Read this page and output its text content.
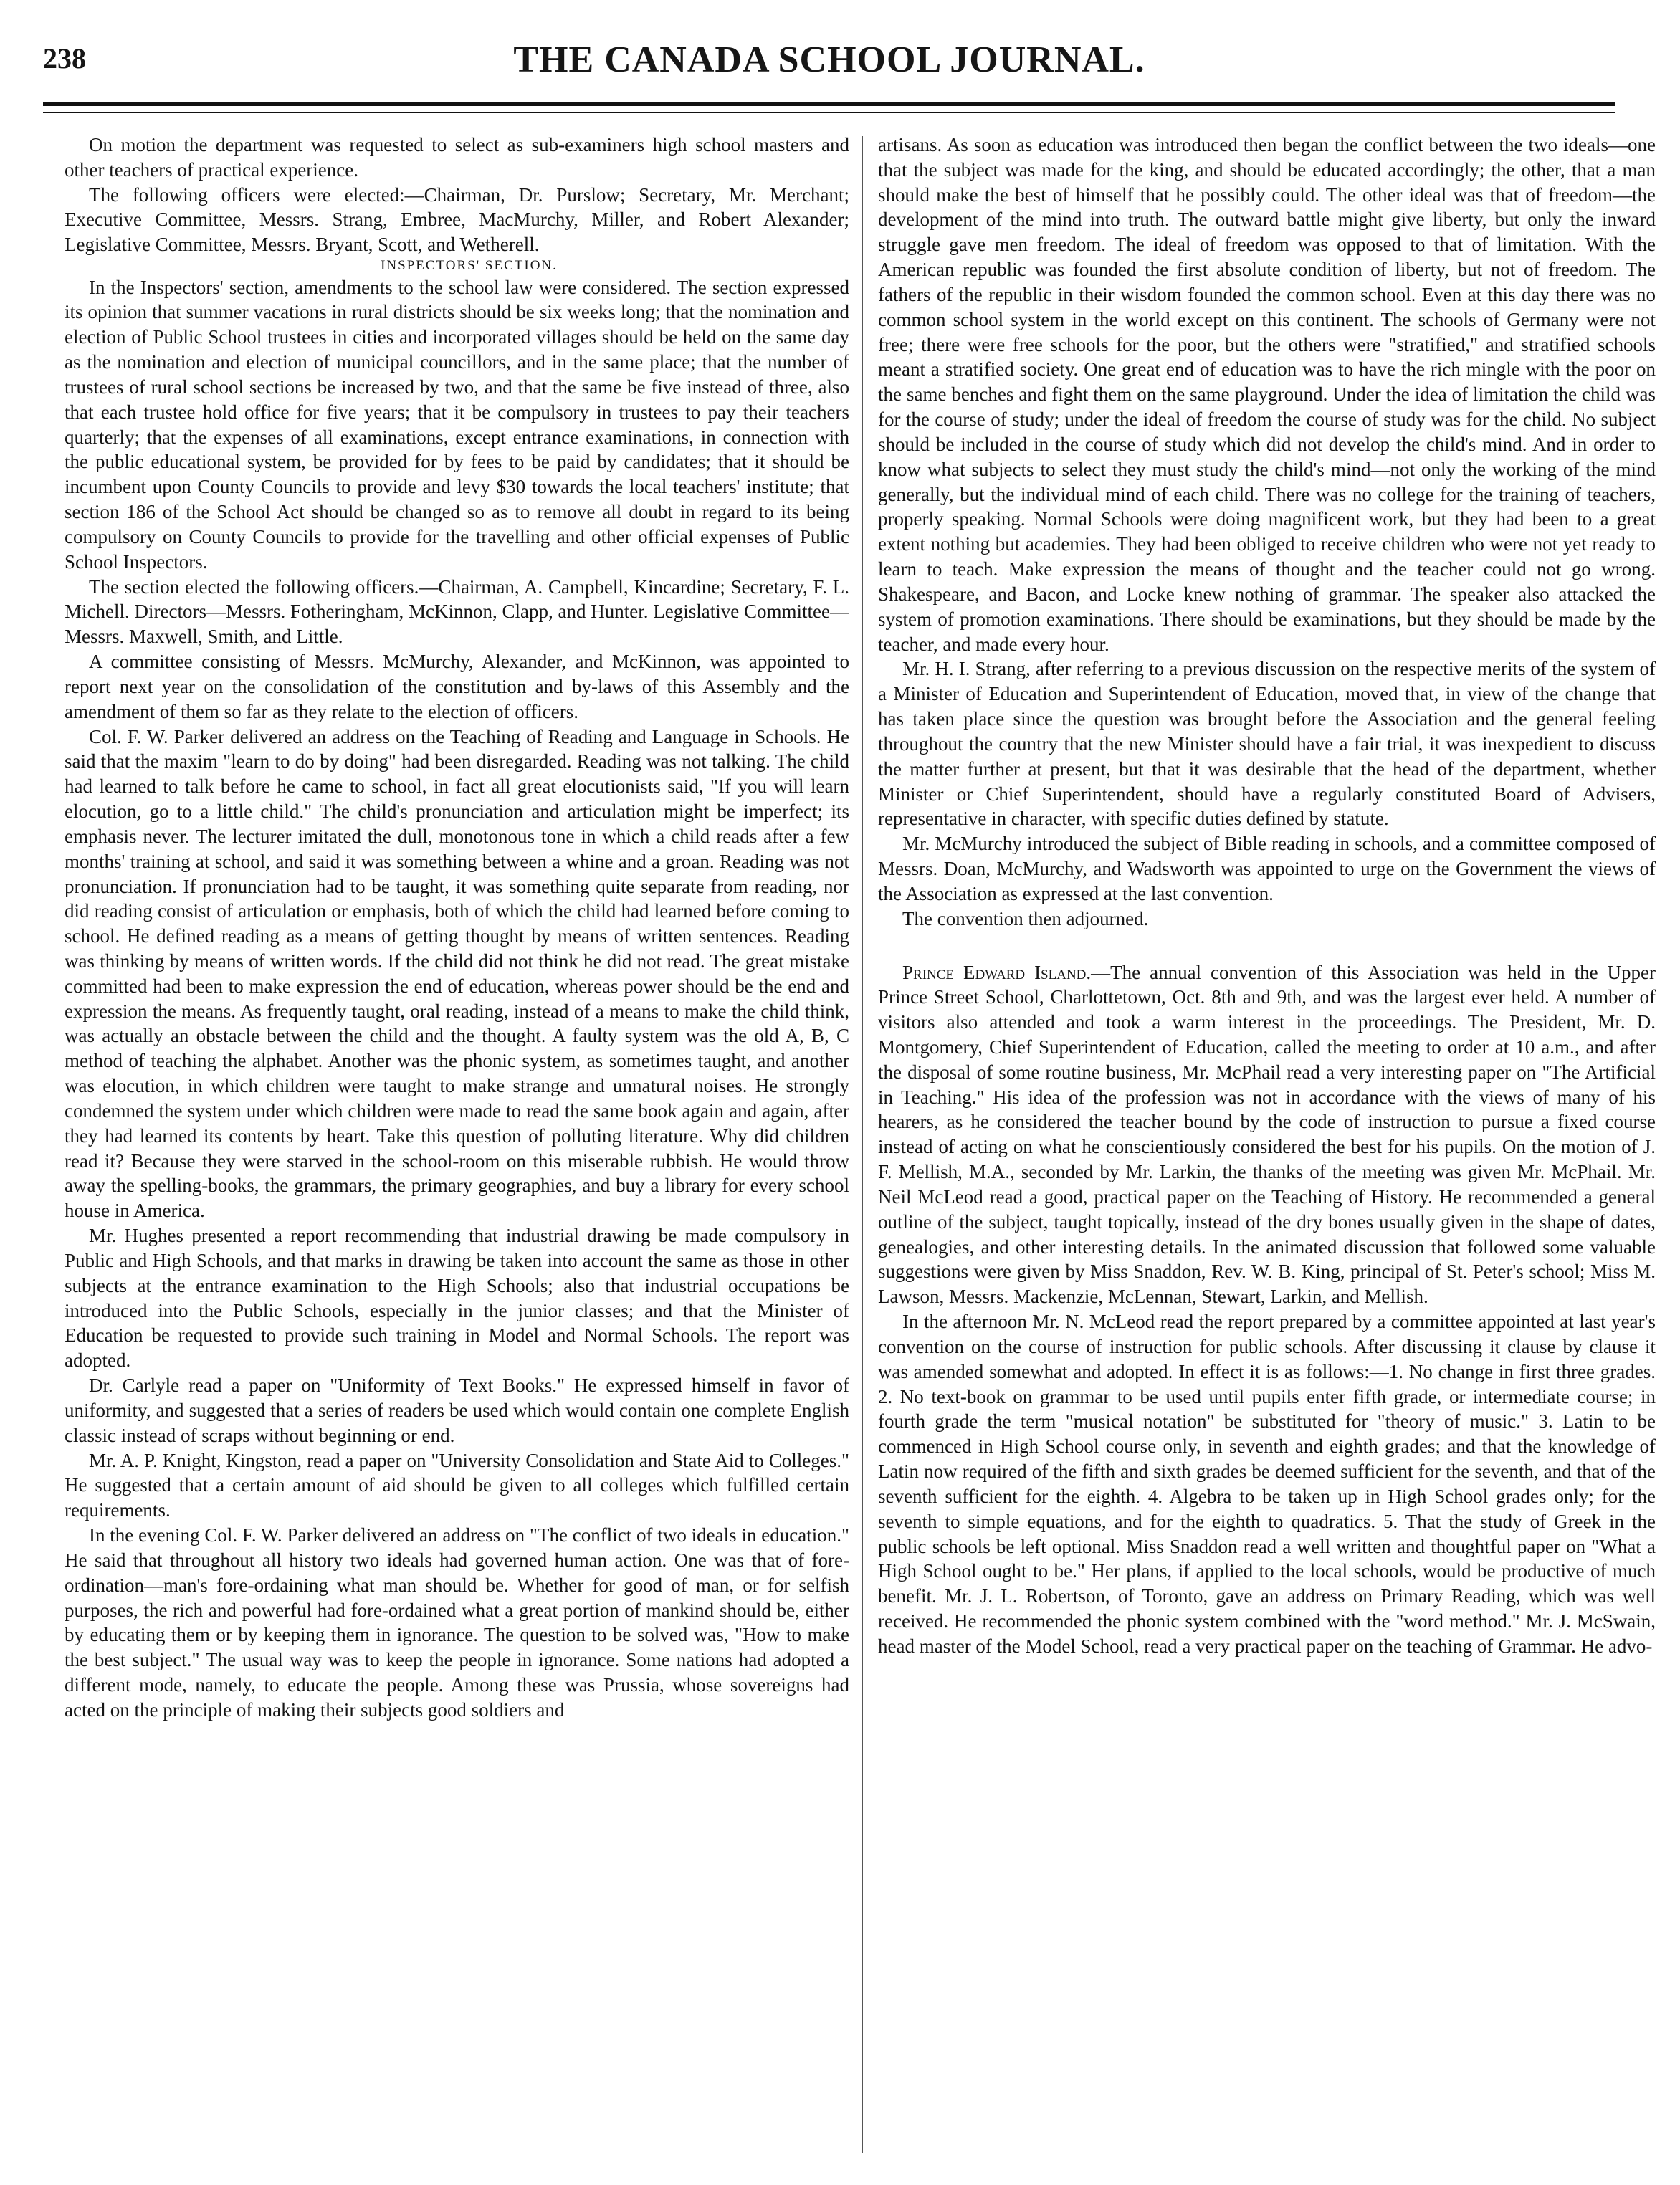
238	THE CANADA SCHOOL JOURNAL.

On motion the department was requested to select as sub-examiners high school masters and other teachers of practical experience.

The following officers were elected:—Chairman, Dr. Purslow; Secretary, Mr. Merchant; Executive Committee, Messrs. Strang, Embree, MacMurchy, Miller, and Robert Alexander; Legislative Committee, Messrs. Bryant, Scott, and Wetherell.

INSPECTORS' SECTION.

In the Inspectors' section, amendments to the school law were considered. The section expressed its opinion that summer vacations in rural districts should be six weeks long; that the nomination and election of Public School trustees in cities and incorporated villages should be held on the same day as the nomination and election of municipal councillors, and in the same place; that the number of trustees of rural school sections be increased by two, and that the same be five instead of three, also that each trustee hold office for five years; that it be compulsory in trustees to pay their teachers quarterly; that the expenses of all examinations, except entrance examinations, in connection with the public educational system, be provided for by fees to be paid by candidates; that it should be incumbent upon County Councils to provide and levy $30 towards the local teachers' institute; that section 186 of the School Act should be changed so as to remove all doubt in regard to its being compulsory on County Councils to provide for the travelling and other official expenses of Public School Inspectors.

The section elected the following officers.—Chairman, A. Campbell, Kincardine; Secretary, F. L. Michell. Directors—Messrs. Fotheringham, McKinnon, Clapp, and Hunter. Legislative Committee—Messrs. Maxwell, Smith, and Little.

A committee consisting of Messrs. McMurchy, Alexander, and McKinnon, was appointed to report next year on the consolidation of the constitution and by-laws of this Assembly and the amendment of them so far as they relate to the election of officers.

Col. F. W. Parker delivered an address on the Teaching of Reading and Language in Schools. He said that the maxim "learn to do by doing" had been disregarded. Reading was not talking. The child had learned to talk before he came to school, in fact all great elocutionists said, "If you will learn elocution, go to a little child." The child's pronunciation and articulation might be imperfect; its emphasis never. The lecturer imitated the dull, monotonous tone in which a child reads after a few months' training at school, and said it was something between a whine and a groan. Reading was not pronunciation. If pronunciation had to be taught, it was something quite separate from reading, nor did reading consist of articulation or emphasis, both of which the child had learned before coming to school. He defined reading as a means of getting thought by means of written sentences. Reading was thinking by means of written words. If the child did not think he did not read. The great mistake committed had been to make expression the end of education, whereas power should be the end and expression the means. As frequently taught, oral reading, instead of a means to make the child think, was actually an obstacle between the child and the thought. A faulty system was the old A, B, C method of teaching the alphabet. Another was the phonic system, as sometimes taught, and another was elocution, in which children were taught to make strange and unnatural noises. He strongly condemned the system under which children were made to read the same book again and again, after they had learned its contents by heart. Take this question of polluting literature. Why did children read it? Because they were starved in the school-room on this miserable rubbish. He would throw away the spelling-books, the grammars, the primary geographies, and buy a library for every school house in America.

Mr. Hughes presented a report recommending that industrial drawing be made compulsory in Public and High Schools, and that marks in drawing be taken into account the same as those in other subjects at the entrance examination to the High Schools; also that industrial occupations be introduced into the Public Schools, especially in the junior classes; and that the Minister of Education be requested to provide such training in Model and Normal Schools. The report was adopted.

Dr. Carlyle read a paper on "Uniformity of Text Books." He expressed himself in favor of uniformity, and suggested that a series of readers be used which would contain one complete English classic instead of scraps without beginning or end.

Mr. A. P. Knight, Kingston, read a paper on "University Consolidation and State Aid to Colleges." He suggested that a certain amount of aid should be given to all colleges which fulfilled certain requirements.

In the evening Col. F. W. Parker delivered an address on "The conflict of two ideals in education." He said that throughout all history two ideals had governed human action. One was that of fore-ordination—man's fore-ordaining what man should be. Whether for good of man, or for selfish purposes, the rich and powerful had fore-ordained what a great portion of mankind should be, either by educating them or by keeping them in ignorance. The question to be solved was, "How to make the best subject." The usual way was to keep the people in ignorance. Some nations had adopted a different mode, namely, to educate the people. Among these was Prussia, whose sovereigns had acted on the principle of making their subjects good soldiers and

artisans. As soon as education was introduced then began the conflict between the two ideals—one that the subject was made for the king, and should be educated accordingly; the other, that a man should make the best of himself that he possibly could. The other ideal was that of freedom—the development of the mind into truth. The outward battle might give liberty, but only the inward struggle gave men freedom. The ideal of freedom was opposed to that of limitation. With the American republic was founded the first absolute condition of liberty, but not of freedom. The fathers of the republic in their wisdom founded the common school. Even at this day there was no common school system in the world except on this continent. The schools of Germany were not free; there were free schools for the poor, but the others were "stratified," and stratified schools meant a stratified society. One great end of education was to have the rich mingle with the poor on the same benches and fight them on the same playground. Under the idea of limitation the child was for the course of study; under the ideal of freedom the course of study was for the child. No subject should be included in the course of study which did not develop the child's mind. And in order to know what subjects to select they must study the child's mind—not only the working of the mind generally, but the individual mind of each child. There was no college for the training of teachers, properly speaking. Normal Schools were doing magnificent work, but they had been to a great extent nothing but academies. They had been obliged to receive children who were not yet ready to learn to teach. Make expression the means of thought and the teacher could not go wrong. Shakespeare, and Bacon, and Locke knew nothing of grammar. The speaker also attacked the system of promotion examinations. There should be examinations, but they should be made by the teacher, and made every hour.

Mr. H. I. Strang, after referring to a previous discussion on the respective merits of the system of a Minister of Education and Superintendent of Education, moved that, in view of the change that has taken place since the question was brought before the Association and the general feeling throughout the country that the new Minister should have a fair trial, it was inexpedient to discuss the matter further at present, but that it was desirable that the head of the department, whether Minister or Chief Superintendent, should have a regularly constituted Board of Advisers, representative in character, with specific duties defined by statute.

Mr. McMurchy introduced the subject of Bible reading in schools, and a committee composed of Messrs. Doan, McMurchy, and Wadsworth was appointed to urge on the Government the views of the Association as expressed at the last convention.

The convention then adjourned.

Prince Edward Island.—The annual convention of this Association was held in the Upper Prince Street School, Charlottetown, Oct. 8th and 9th, and was the largest ever held. A number of visitors also attended and took a warm interest in the proceedings. The President, Mr. D. Montgomery, Chief Superintendent of Education, called the meeting to order at 10 a.m., and after the disposal of some routine business, Mr. McPhail read a very interesting paper on "The Artificial in Teaching." His idea of the profession was not in accordance with the views of many of his hearers, as he considered the teacher bound by the code of instruction to pursue a fixed course instead of acting on what he conscientiously considered the best for his pupils. On the motion of J. F. Mellish, M.A., seconded by Mr. Larkin, the thanks of the meeting was given Mr. McPhail. Mr. Neil McLeod read a good, practical paper on the Teaching of History. He recommended a general outline of the subject, taught topically, instead of the dry bones usually given in the shape of dates, genealogies, and other interesting details. In the animated discussion that followed some valuable suggestions were given by Miss Snaddon, Rev. W. B. King, principal of St. Peter's school; Miss M. Lawson, Messrs. Mackenzie, McLennan, Stewart, Larkin, and Mellish.

In the afternoon Mr. N. McLeod read the report prepared by a committee appointed at last year's convention on the course of instruction for public schools. After discussing it clause by clause it was amended somewhat and adopted. In effect it is as follows:—1. No change in first three grades. 2. No text-book on grammar to be used until pupils enter fifth grade, or intermediate course; in fourth grade the term "musical notation" be substituted for "theory of music." 3. Latin to be commenced in High School course only, in seventh and eighth grades; and that the knowledge of Latin now required of the fifth and sixth grades be deemed sufficient for the seventh, and that of the seventh sufficient for the eighth. 4. Algebra to be taken up in High School grades only; for the seventh to simple equations, and for the eighth to quadratics. 5. That the study of Greek in the public schools be left optional. Miss Snaddon read a well written and thoughtful paper on "What a High School ought to be." Her plans, if applied to the local schools, would be productive of much benefit. Mr. J. L. Robertson, of Toronto, gave an address on Primary Reading, which was well received. He recommended the phonic system combined with the "word method." Mr. J. McSwain, head master of the Model School, read a very practical paper on the teaching of Grammar. He advo-
